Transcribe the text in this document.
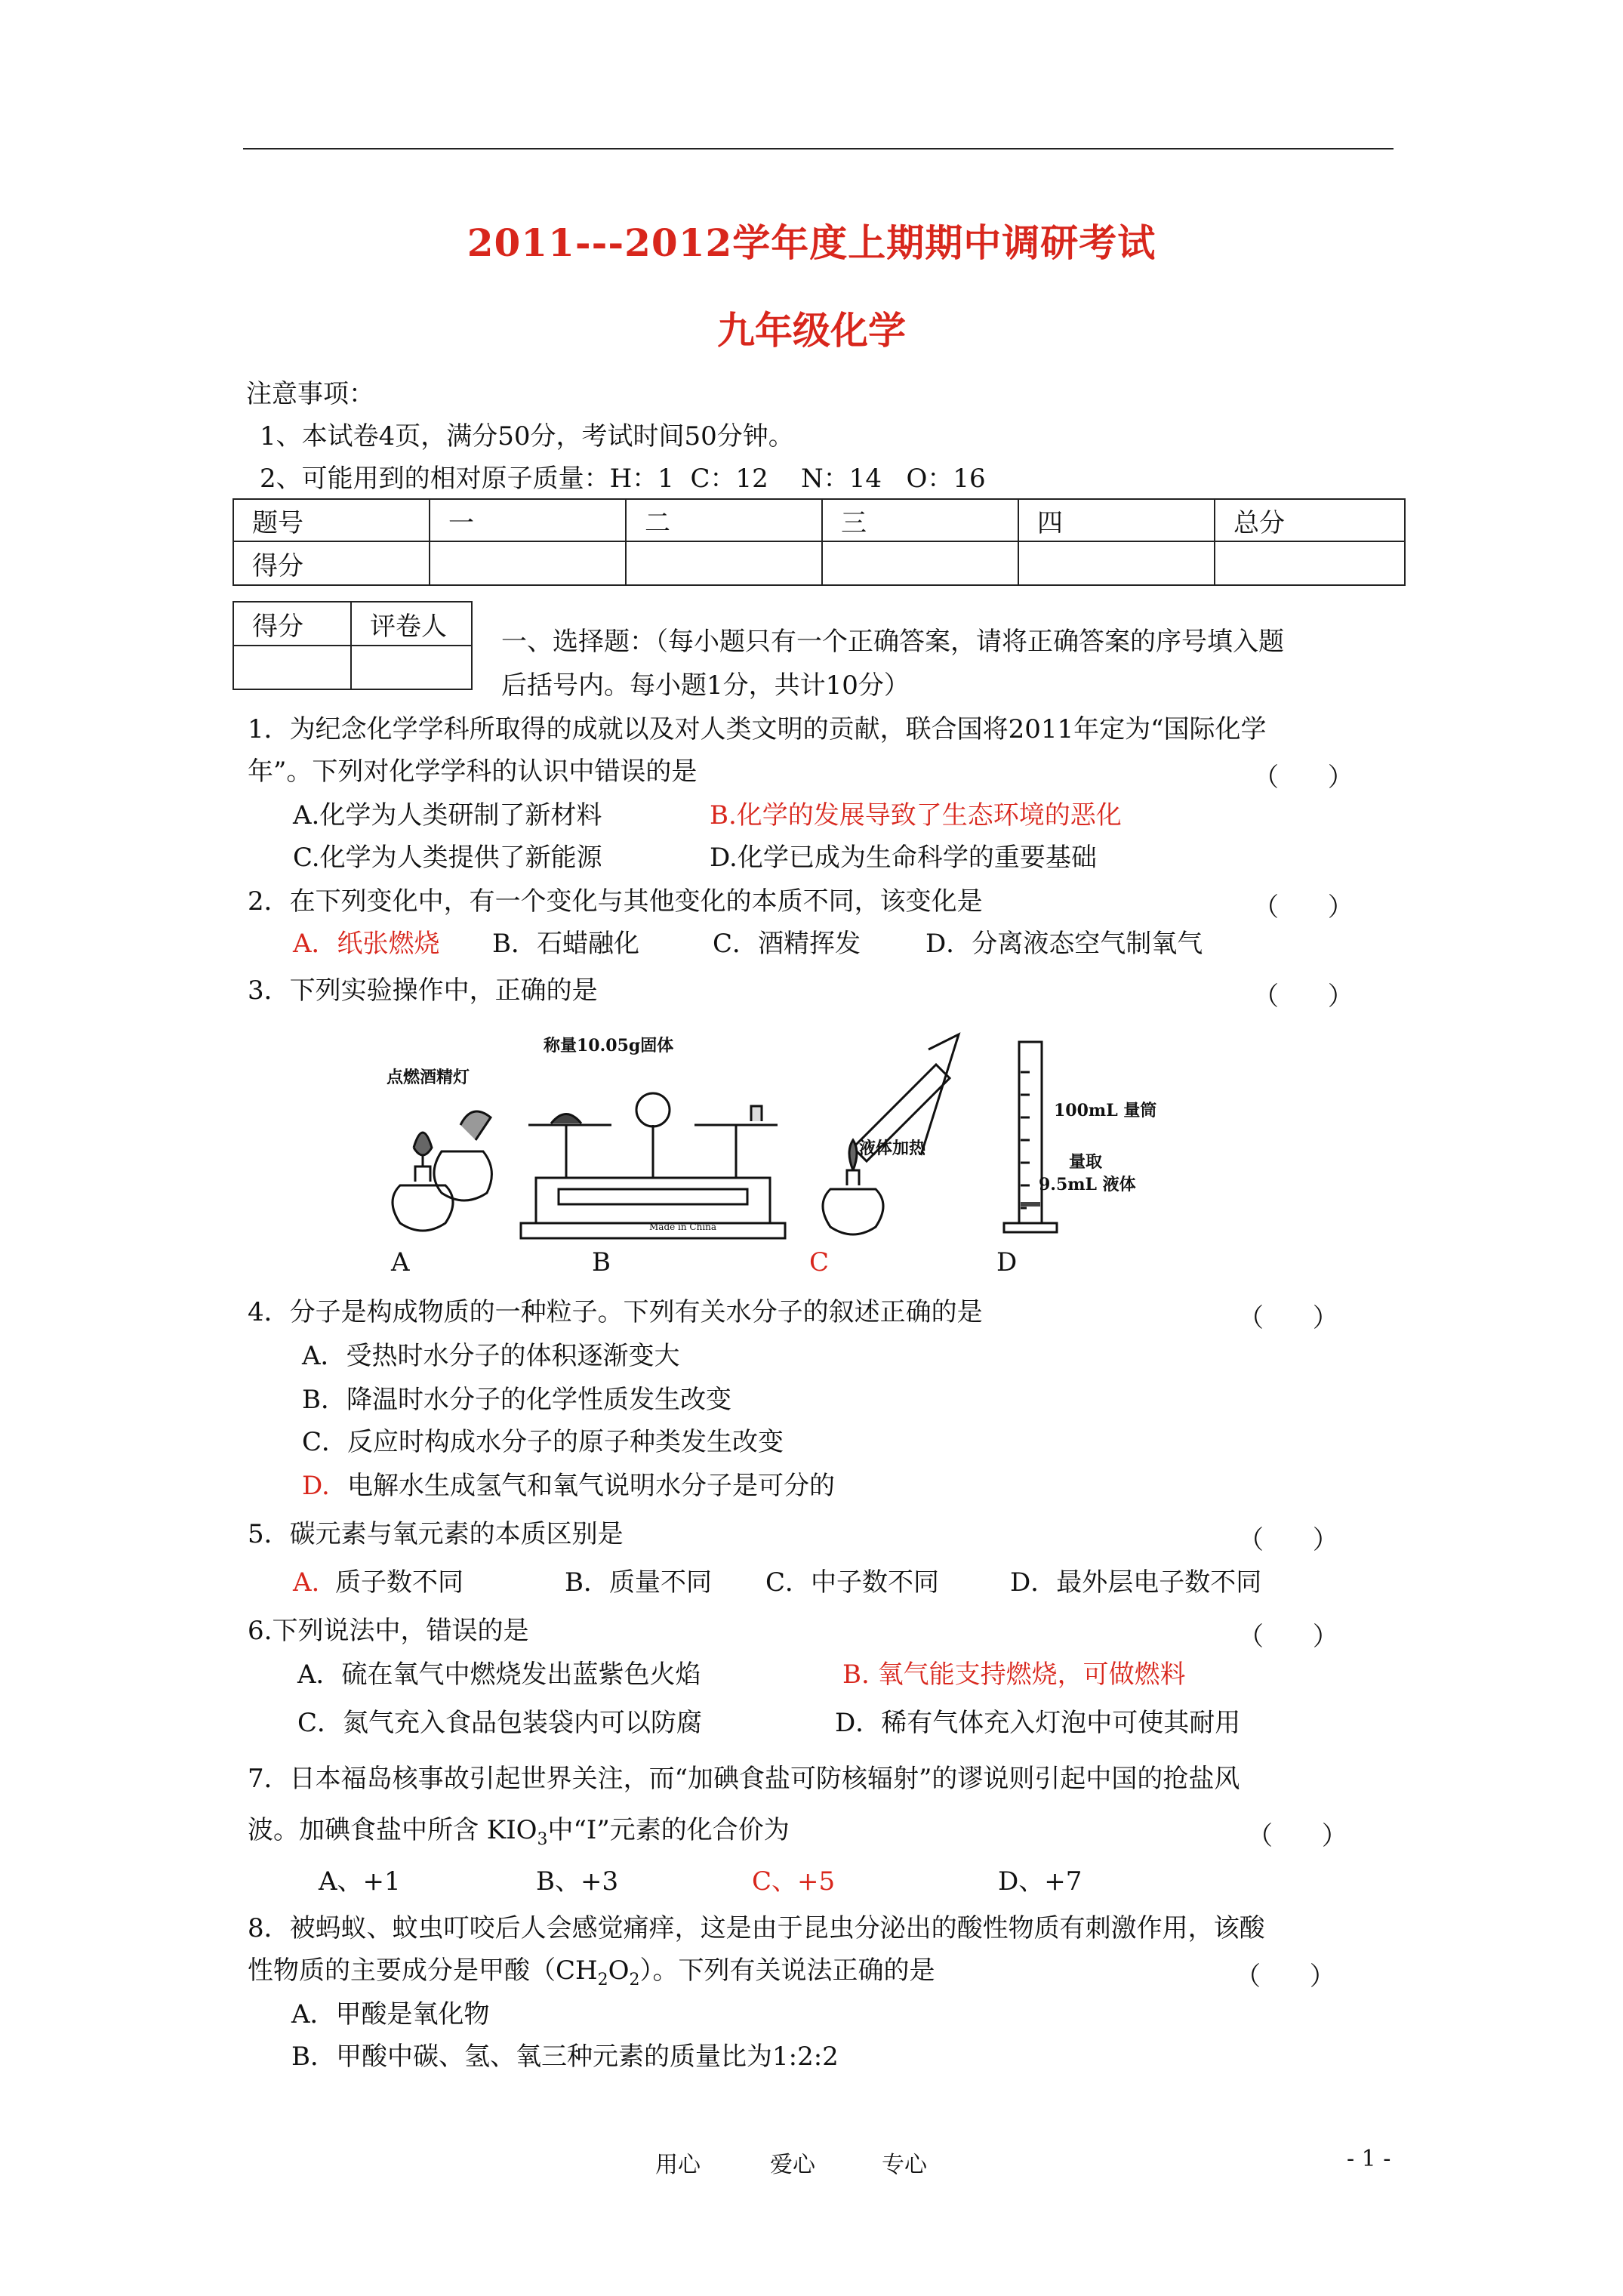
2011---2012学年度上期期中调研考试
九年级化学
注意事项：
1、本试卷4页，满分50分，考试时间50分钟。
2、可能用到的相对原子质量：H：1  C：12    N：14   O：16
题号	一	二	三	四	总分
得分					
得分	评卷人

一、选择题：（每小题只有一个正确答案，请将正确答案的序号填入题
后括号内。每小题1分，共计10分）
1．为纪念化学学科所取得的成就以及对人类文明的贡献，联合国将2011年定为“国际化学
年”。下列对化学学科的认识中错误的是	（      ）
A.化学为人类研制了新材料	B.化学的发展导致了生态环境的恶化
C.化学为人类提供了新能源	D.化学已成为生命科学的重要基础
2．在下列变化中，有一个变化与其他变化的本质不同，该变化是	（      ）
A．纸张燃烧 B．石蜡融化	C．酒精挥发	D．分离液态空气制氧气
3．下列实验操作中，正确的是	（      ）
点燃酒精灯
称量10.05g固体
Made in China
液体加热
100mL 量筒
量取
9.5mL 液体
A	B	C	D
4．分子是构成物质的一种粒子。下列有关水分子的叙述正确的是	（      ）
A．受热时水分子的体积逐渐变大
B．降温时水分子的化学性质发生改变
C．反应时构成水分子的原子种类发生改变
D. 电解水生成氢气和氧气说明水分子是可分的
5．碳元素与氧元素的本质区别是	（      ）
A. 质子数不同	B．质量不同 C．中子数不同	D．最外层电子数不同
6.下列说法中，错误的是	（      ）
A．硫在氧气中燃烧发出蓝紫色火焰	B. 氧气能支持燃烧，可做燃料
C．氮气充入食品包装袋内可以防腐	D．稀有气体充入灯泡中可使其耐用
7．日本福岛核事故引起世界关注，而“加碘食盐可防核辐射”的谬说则引起中国的抢盐风
波。加碘食盐中所含 $KIO_3$中“I”元素的化合价为	（      ）
A、+1	B、+3	C、+5	D、+7
8．被蚂蚁、蚊虫叮咬后人会感觉痛痒，这是由于昆虫分泌出的酸性物质有刺激作用，该酸
性物质的主要成分是甲酸$(CH_2O_2)$。下列有关说法正确的是	（      ）
A．甲酸是氧化物
B．甲酸中碳、氢、氧三种元素的质量比为1:2:2
用心	爱心	专心	- 1 -
